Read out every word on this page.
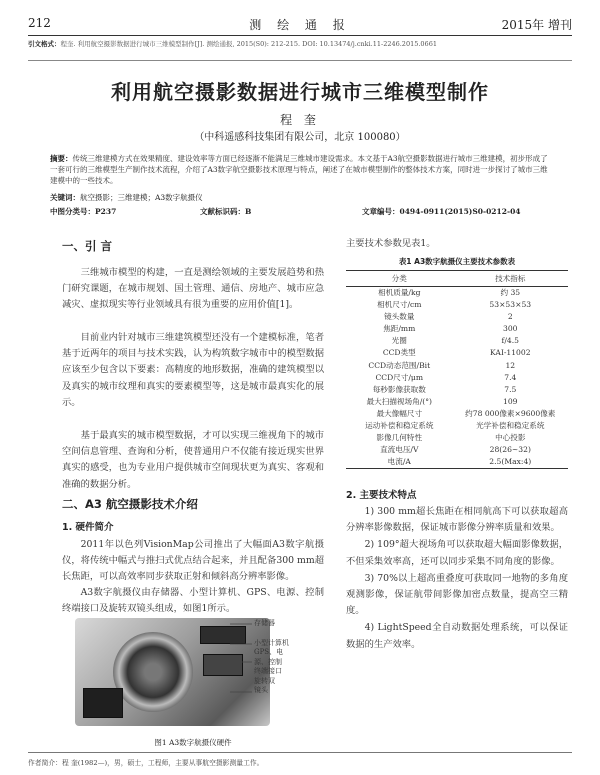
212	测 绘 通 报	2015年 增刊
引文格式：程奎. 利用航空摄影数据进行城市三维模型制作[J]. 测绘通报, 2015(S0): 212-215. DOI: 10.13474/j.cnki.11-2246.2015.0661
利用航空摄影数据进行城市三维模型制作
程 奎
（中科遥感科技集团有限公司，北京 100080）
摘要：传统三维建模方式在效果精度、建设效率等方面已经逐渐不能满足三维城市建设需求。本文基于A3航空摄影数据进行城市三维建模，初步形成了一套可行的三维模型生产制作技术流程，介绍了A3数字航空摄影技术原理与特点，阐述了在城市模型制作的整体技术方案，同时进一步探讨了城市三维建模中的一些技术。
关键词：航空摄影；三维建模；A3数字航摄仪
中图分类号：P237	文献标识码：B	文章编号：0494-0911(2015)S0-0212-04
一、引 言
三维城市模型的构建，一直是测绘领域的主要发展趋势和热门研究课题，在城市规划、国土管理、通信、房地产、城市应急减灾、虚拟现实等行业领域具有很为重要的应用价值[1]。
目前业内针对城市三维建筑模型还没有一个建模标准，笔者基于近两年的项目与技术实践，认为构筑数字城市中的模型数据应该至少包含以下要素：高精度的地形数据，准确的建筑模型以及真实的城市纹理和真实的要素模型等，这是城市最真实化的展示。
基于最真实的城市模型数据，才可以实现三维视角下的城市空间信息管理、查询和分析，使普通用户不仅能有接近现实世界真实的感受，也为专业用户提供城市空间现状更为真实、客观和准确的数据分析。
二、A3 航空摄影技术介绍
1. 硬件简介
2011年以色列VisionMap公司推出了大幅面A3数字航摄仪，将传统中幅式与推扫式优点结合起来，并且配备300 mm超长焦距，可以高效率同步获取正射和倾斜高分辨率影像。
A3数字航摄仪由存储器、小型计算机、GPS、电源、控制终端接口及旋转双镜头组成，如图1所示。
存储器
小型计算机
GPS、电
源、控制
终端接口
旋转双
镜头
图1 A3数字航摄仪硬件
主要技术参数见表1。
表1 A3数字航摄仪主要技术参数表
分类	技术指标
相机质量/kg	约 35
相机尺寸/cm	53×53×53
镜头数量	2
焦距/mm	300
光圈	f/4.5
CCD类型	KAI-11002
CCD动态范围/Bit	12
CCD尺寸/μm	7.4
每秒影像获取数	7.5
最大扫描视场角/(°)	109
最大像幅尺寸	约78 000像素×9600像素
运动补偿和稳定系统	光学补偿和稳定系统
影像几何特性	中心投影
直流电压/V	28(26~32)
电流/A	2.5(Max:4)
2. 主要技术特点
1) 300 mm超长焦距在相同航高下可以获取超高分辨率影像数据，保证城市影像分辨率质量和效果。
2) 109°超大视场角可以获取超大幅面影像数据，不但采集效率高，还可以同步采集不同角度的影像。
3) 70%以上超高重叠度可获取同一地物的多角度观测影像，保证航带间影像加密点数量，提高空三精度。
4) LightSpeed全自动数据处理系统，可以保证数据的生产效率。
作者简介：程 奎(1982—)，男，硕士，工程师，主要从事航空摄影测量工作。
